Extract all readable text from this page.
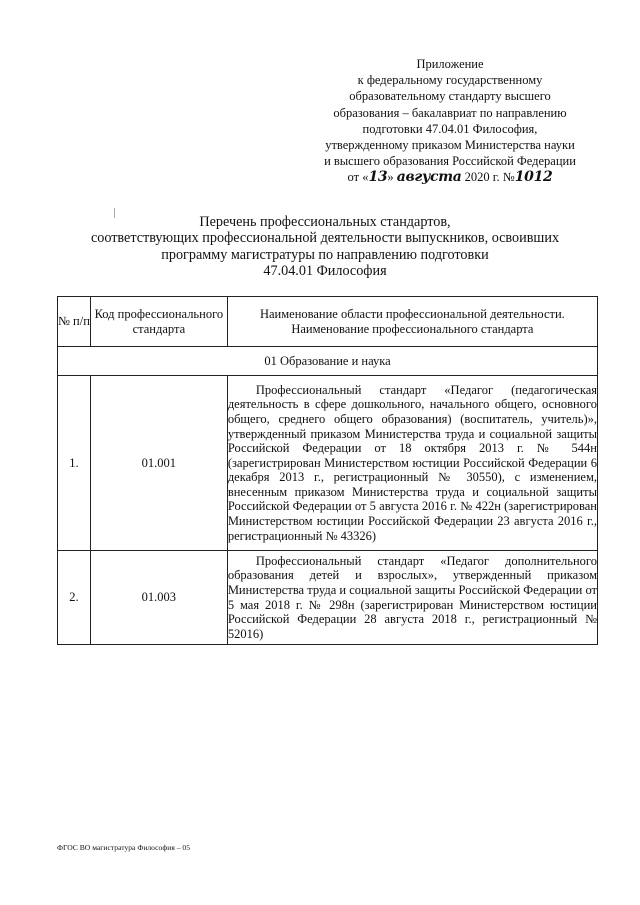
Приложение
к федеральному государственному
образовательному стандарту высшего
образования – бакалавриат по направлению
подготовки 47.04.01 Философия,
утвержденному приказом Министерства науки
и высшего образования Российской Федерации
от «13» августа 2020 г. №1012
Перечень профессиональных стандартов,
соответствующих профессиональной деятельности выпускников, освоивших
программу магистратуры по направлению подготовки
47.04.01 Философия
№ п/п	Код профессионального стандарта	Наименование области профессиональной деятельности.
Наименование профессионального стандарта

01 Образование и наука		
1.	01.001	Профессиональный стандарт «Педагог (педагогическая деятельность в сфере дошкольного, начального общего, основного общего, среднего общего образования) (воспитатель, учитель)», утвержденный приказом Министерства труда и социальной защиты Российской Федерации от 18 октября 2013 г. № 544н (зарегистрирован Министерством юстиции Российской Федерации 6 декабря 2013 г., регистрационный № 30550), с изменением, внесенным приказом Министерства труда и социальной защиты Российской Федерации от 5 августа 2016 г. № 422н (зарегистрирован Министерством юстиции Российской Федерации 23 августа 2016 г., регистрационный № 43326)
2.	01.003	Профессиональный стандарт «Педагог дополнительного образования детей и взрослых», утвержденный приказом Министерства труда и социальной защиты Российской Федерации от 5 мая 2018 г. № 298н (зарегистрирован Министерством юстиции Российской Федерации 28 августа 2018 г., регистрационный № 52016)
ФГОС ВО магистратура Философия – 05
